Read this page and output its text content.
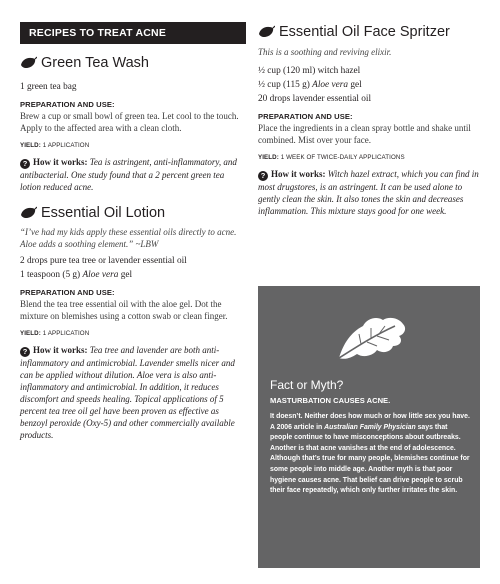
RECIPES TO TREAT ACNE
Green Tea Wash
1 green tea bag
PREPARATION AND USE:
Brew a cup or small bowl of green tea. Let cool to the touch. Apply to the affected area with a clean cloth.
YIELD: 1 APPLICATION
? How it works: Tea is astringent, anti-inflammatory, and antibacterial. One study found that a 2 percent green tea lotion reduced acne.
Essential Oil Lotion
“I’ve had my kids apply these essential oils directly to acne. Aloe adds a soothing element.” ~LBW
2 drops pure tea tree or lavender essential oil
1 teaspoon (5 g) Aloe vera gel
PREPARATION AND USE:
Blend the tea tree essential oil with the aloe gel. Dot the mixture on blemishes using a cotton swab or clean finger.
YIELD: 1 APPLICATION
? How it works: Tea tree and lavender are both anti-inflammatory and antimicrobial. Lavender smells nicer and can be applied without dilution. Aloe vera is also anti-inflammatory and antimicrobial. In addition, it reduces discomfort and speeds healing. Topical applications of 5 percent tea tree oil gel have been proven as effective as benzoyl peroxide (Oxy-5) and other commercially available products.
Essential Oil Face Spritzer
This is a soothing and reviving elixir.
½ cup (120 ml) witch hazel
½ cup (115 g) Aloe vera gel
20 drops lavender essential oil
PREPARATION AND USE:
Place the ingredients in a clean spray bottle and shake until combined. Mist over your face.
YIELD: 1 WEEK OF TWICE-DAILY APPLICATIONS
? How it works: Witch hazel extract, which you can find in most drugstores, is an astringent. It can be used alone to gently clean the skin. It also tones the skin and decreases inflammation. This mixture stays good for one week.
Fact or Myth?
MASTURBATION CAUSES ACNE.
It doesn’t. Neither does how much or how little sex you have. A 2006 article in Australian Family Physician says that people continue to have misconceptions about outbreaks. Another is that acne vanishes at the end of adolescence. Although that’s true for many people, blemishes continue for some people into middle age. Another myth is that poor hygiene causes acne. That belief can drive people to scrub their face repeatedly, which only further irritates the skin.
